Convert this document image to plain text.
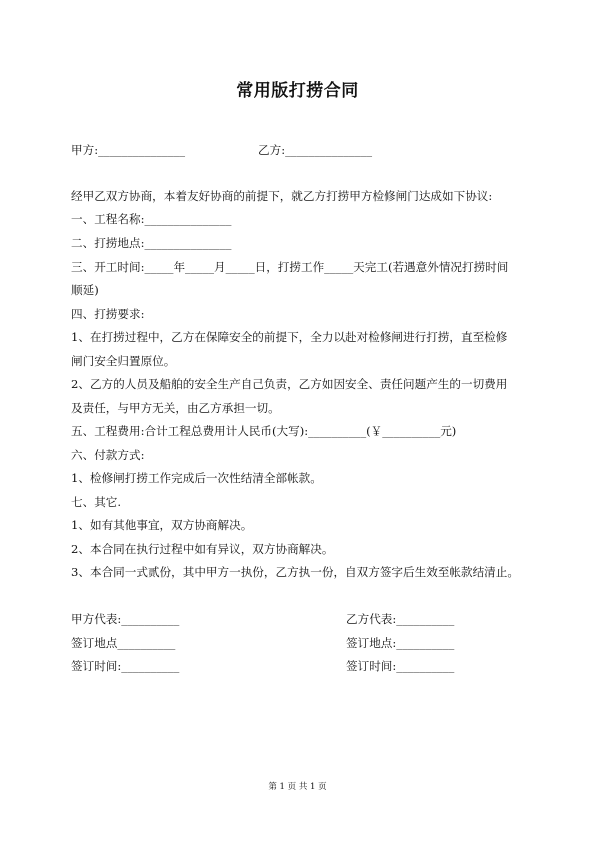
常用版打捞合同
甲方:_______________	乙方:_______________
经甲乙双方协商，本着友好协商的前提下，就乙方打捞甲方检修闸门达成如下协议:
一、工程名称:_______________
二、打捞地点:_______________
三、开工时间:_____年_____月_____日，打捞工作_____天完工(若遇意外情况打捞时间
顺延)
四、打捞要求:
1、在打捞过程中，乙方在保障安全的前提下，全力以赴对检修闸进行打捞，直至检修
闸门安全归置原位。
2、乙方的人员及船舶的安全生产自己负责，乙方如因安全、责任问题产生的一切费用
及责任，与甲方无关，由乙方承担一切。
五、工程费用:合计工程总费用计人民币(大写):__________(￥__________元)
六、付款方式:
1、检修闸打捞工作完成后一次性结清全部帐款。
七、其它.
1、如有其他事宜，双方协商解决。
2、本合同在执行过程中如有异议，双方协商解决。
3、本合同一式贰份，其中甲方一执份，乙方执一份，自双方签字后生效至帐款结清止。
甲方代表:__________	乙方代表:__________
签订地点__________	签订地点:__________
签订时间:__________	签订时间:__________
第 1 页 共 1 页
